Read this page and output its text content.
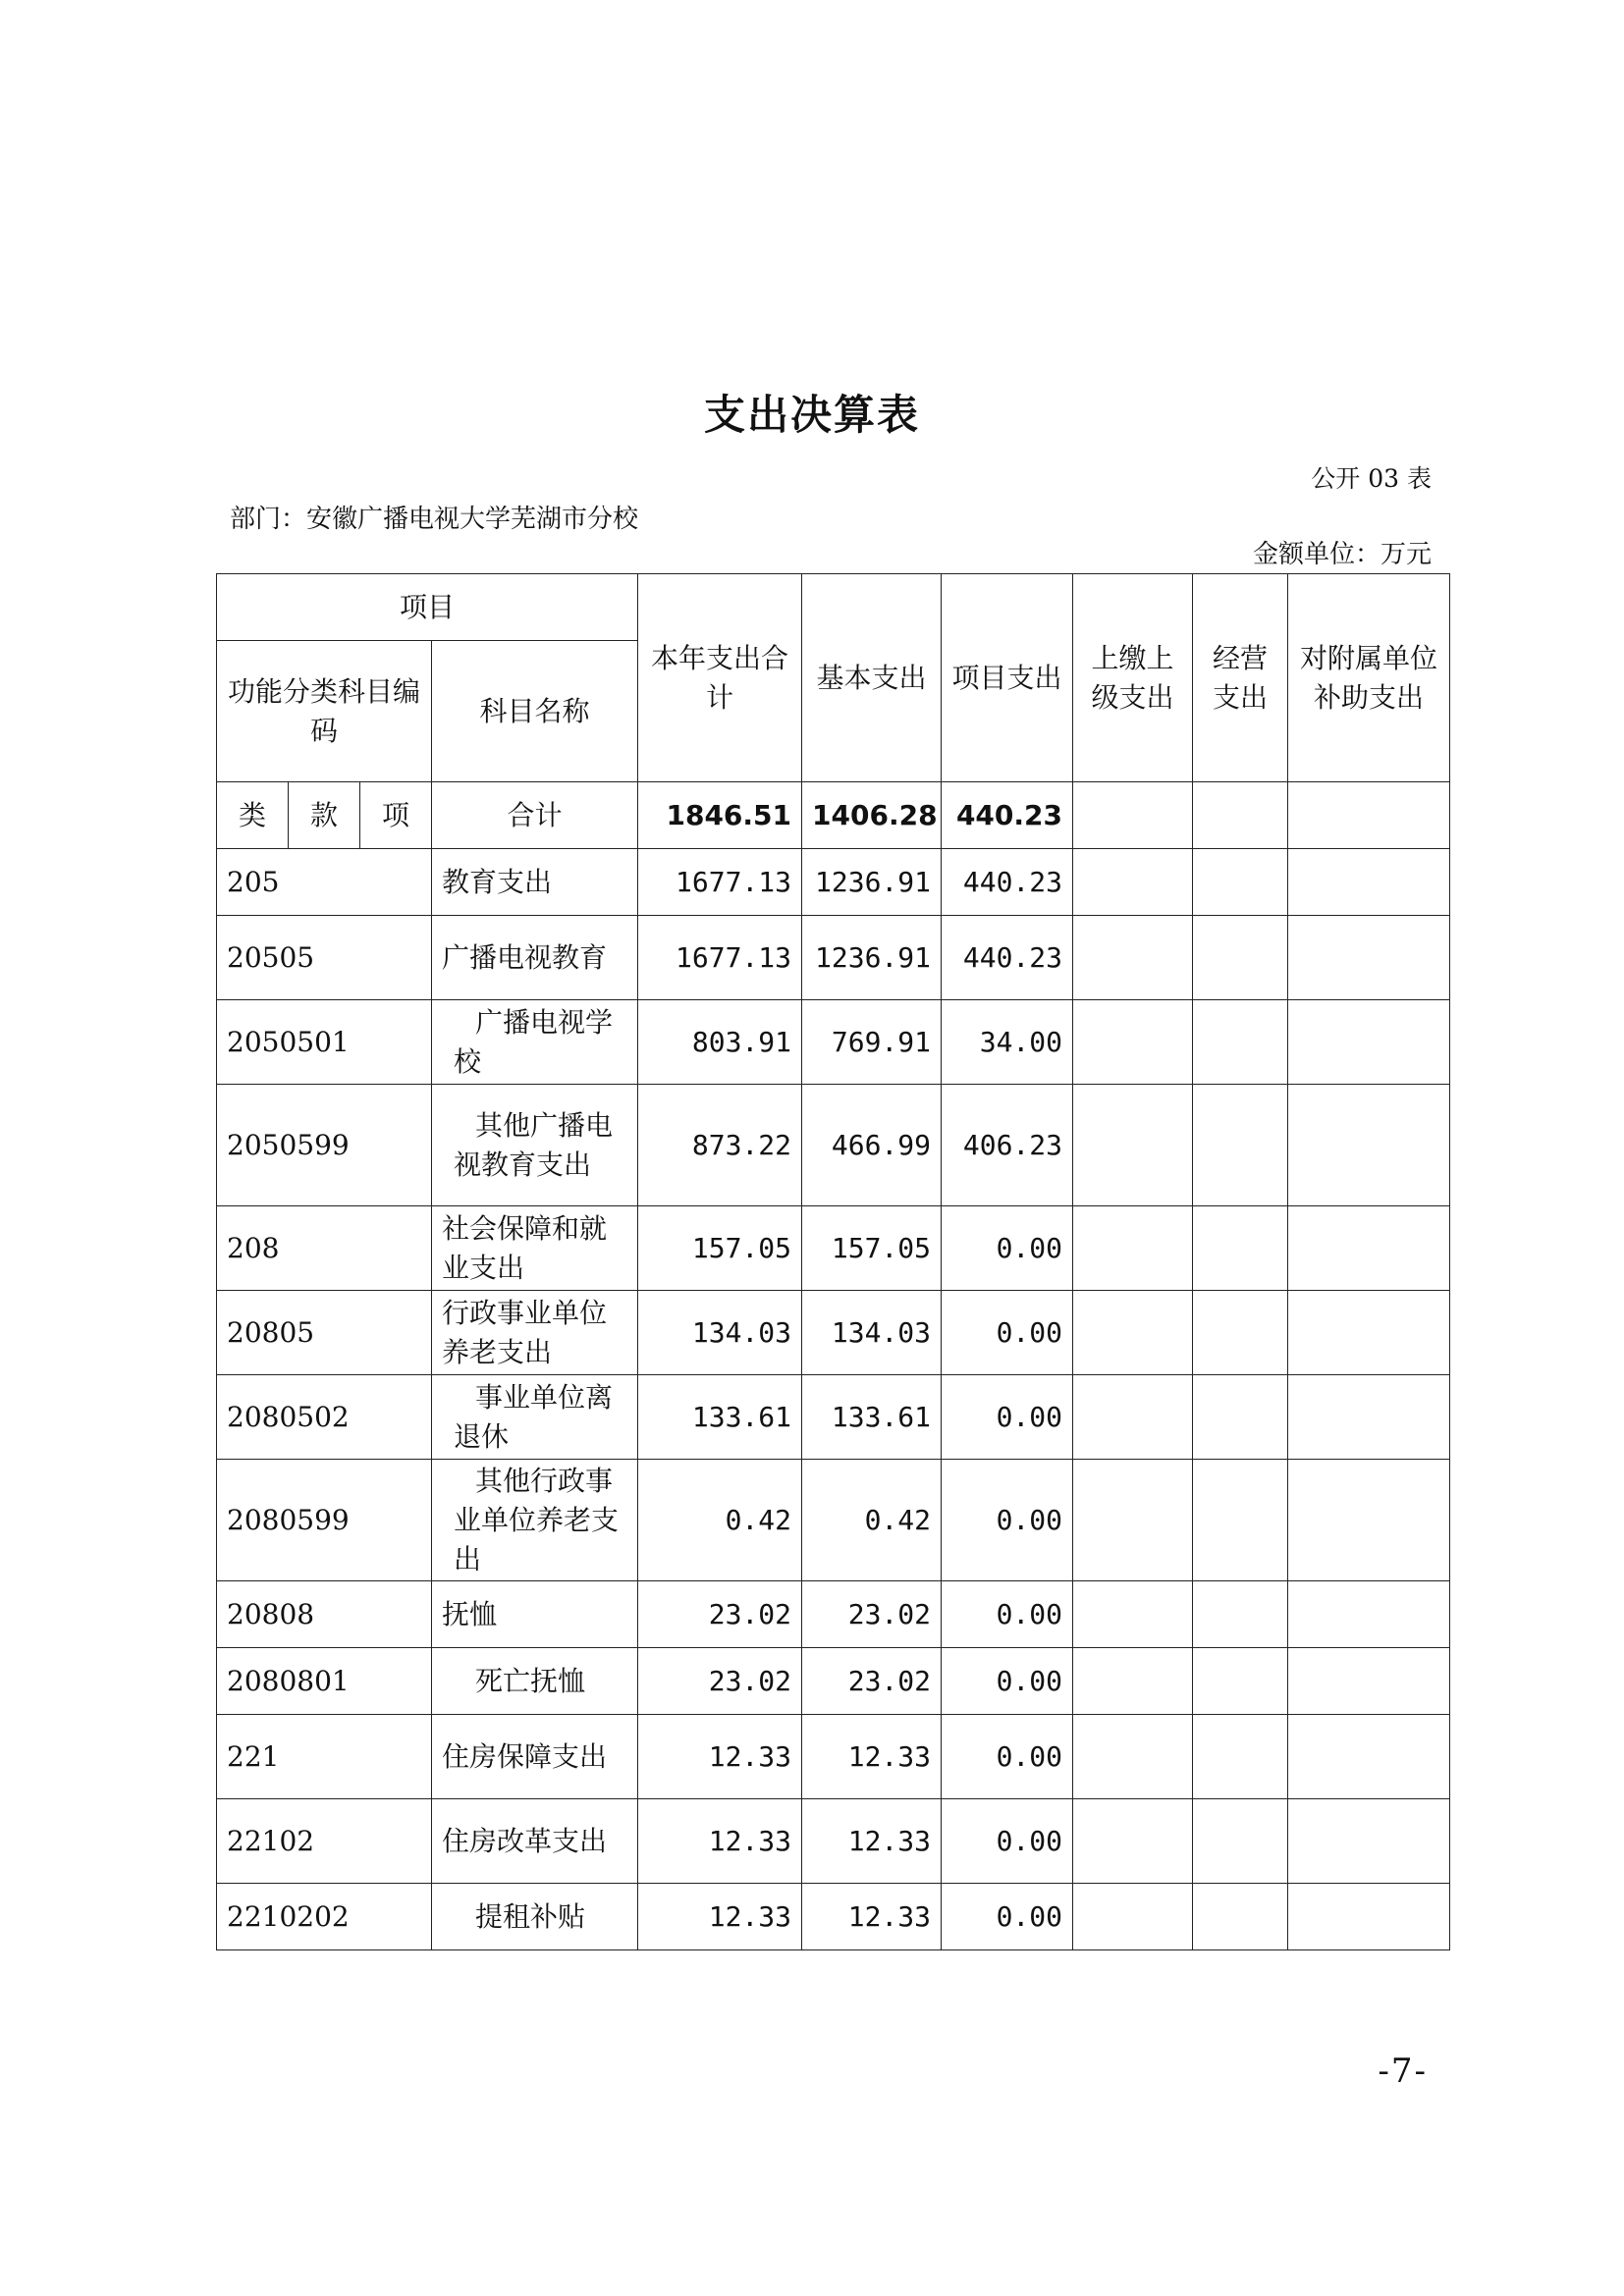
支出决算表
公开 03 表
部门：安徽广播电视大学芜湖市分校
金额单位：万元
项目				本年支出合计	基本支出	项目支出	上缴上级支出	经营支出	对附属单位补助支出
功能分类科目编码			科目名称						
类	款	项	合计	1846.51	1406.28	440.23			
205			教育支出	1677.13	1236.91	440.23			
20505			广播电视教育	1677.13	1236.91	440.23			
2050501			广播电视学校	803.91	769.91	34.00			
2050599			其他广播电视教育支出	873.22	466.99	406.23			
208			社会保障和就业支出	157.05	157.05	0.00			
20805			行政事业单位养老支出	134.03	134.03	0.00			
2080502			事业单位离退休	133.61	133.61	0.00			
2080599			其他行政事业单位养老支出	0.42	0.42	0.00			
20808			抚恤	23.02	23.02	0.00			
2080801			死亡抚恤	23.02	23.02	0.00			
221			住房保障支出	12.33	12.33	0.00			
22102			住房改革支出	12.33	12.33	0.00			
2210202			提租补贴	12.33	12.33	0.00			
-7-
